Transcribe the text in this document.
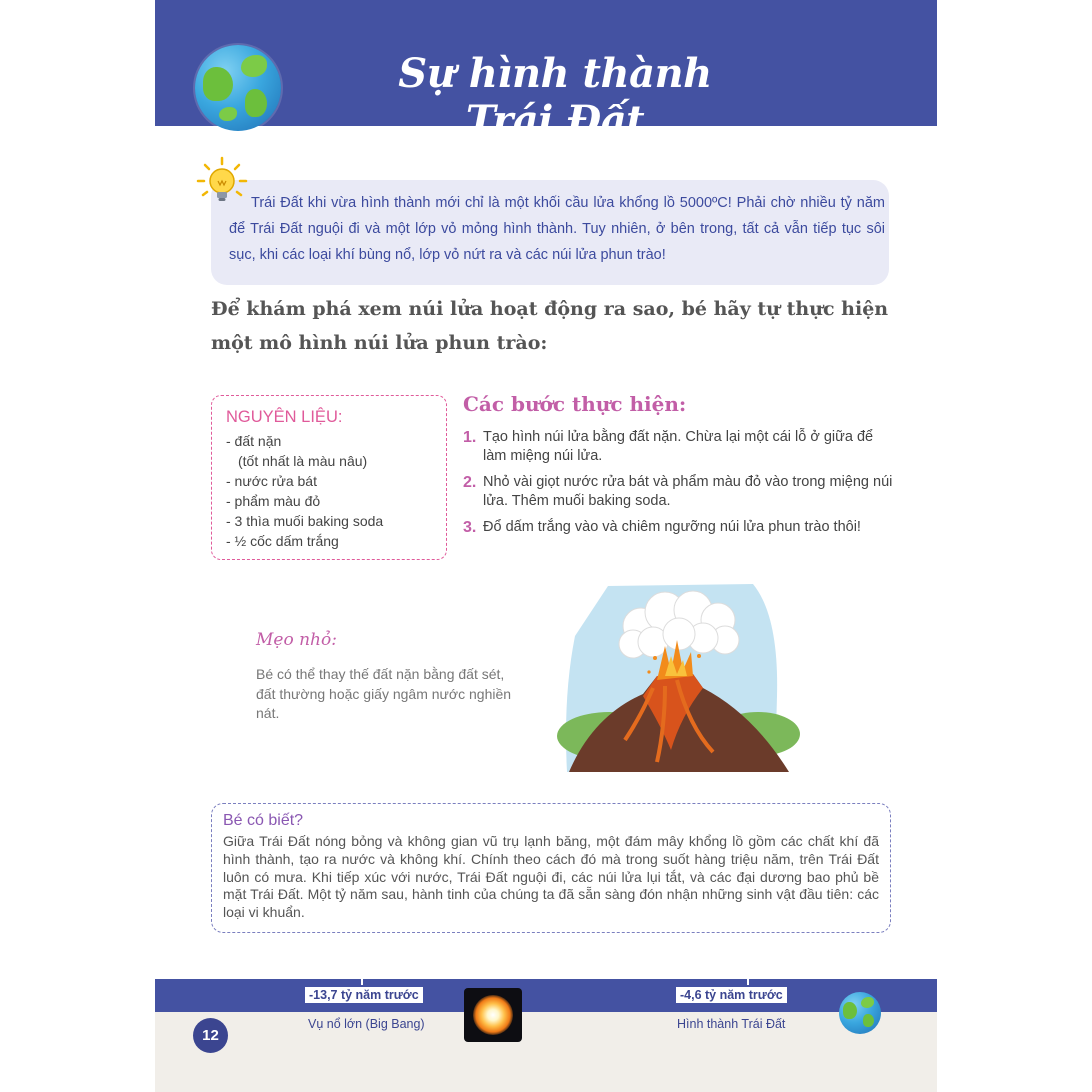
Sự hình thành Trái Đất
Trái Đất khi vừa hình thành mới chỉ là một khối cầu lửa khổng lồ 5000ºC! Phải chờ nhiều tỷ năm để Trái Đất nguội đi và một lớp vỏ mỏng hình thành. Tuy nhiên, ở bên trong, tất cả vẫn tiếp tục sôi sục, khi các loại khí bùng nổ, lớp vỏ nứt ra và các núi lửa phun trào!
Để khám phá xem núi lửa hoạt động ra sao, bé hãy tự thực hiện một mô hình núi lửa phun trào:
NGUYÊN LIỆU:
- đất nặn
(tốt nhất là màu nâu)
- nước rửa bát
- phẩm màu đỏ
- 3 thìa muối baking soda
- ½ cốc dấm trắng
Các bước thực hiện:
1. Tạo hình núi lửa bằng đất nặn. Chừa lại một cái lỗ ở giữa để làm miệng núi lửa.
2. Nhỏ vài giọt nước rửa bát và phẩm màu đỏ vào trong miệng núi lửa. Thêm muối baking soda.
3. Đổ dấm trắng vào và chiêm ngưỡng núi lửa phun trào thôi!
Mẹo nhỏ:
Bé có thể thay thế đất nặn bằng đất sét, đất thường hoặc giấy ngâm nước nghiền nát.
Bé có biết?
Giữa Trái Đất nóng bỏng và không gian vũ trụ lạnh băng, một đám mây khổng lồ gồm các chất khí đã hình thành, tạo ra nước và không khí. Chính theo cách đó mà trong suốt hàng triệu năm, trên Trái Đất luôn có mưa. Khi tiếp xúc với nước, Trái Đất nguội đi, các núi lửa lụi tắt, và các đại dương bao phủ bề mặt Trái Đất. Một tỷ năm sau, hành tinh của chúng ta đã sẵn sàng đón nhận những sinh vật đầu tiên: các loại vi khuẩn.
-13,7 tỷ năm trước
Vụ nổ lớn (Big Bang)
-4,6 tỷ năm trước
Hình thành Trái Đất
12
